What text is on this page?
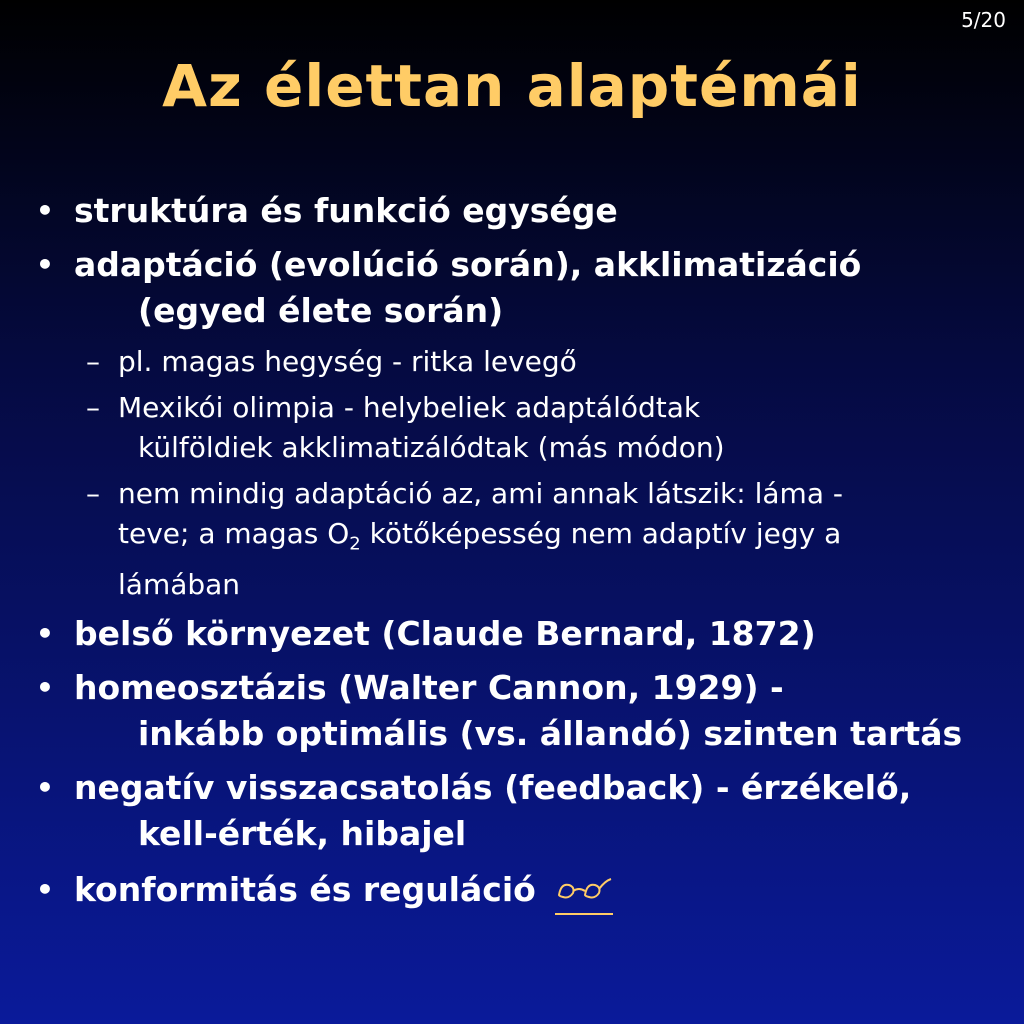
5/20
Az élettan alaptémái
• struktúra és funkció egysége
• adaptáció (evolúció során), akklimatizáció
(egyed élete során)
– pl. magas hegység - ritka levegő
– Mexikói olimpia - helybeliek adaptálódtak
külföldiek akklimatizálódtak (más módon)
– nem mindig adaptáció az, ami annak látszik: láma -
teve; a magas $O_2$ kötőképesség nem adaptív jegy a
lámában
• belső környezet (Claude Bernard, 1872)
• homeosztázis (Walter Cannon, 1929) -
inkább optimális (vs. állandó) szinten tartás
• negatív visszacsatolás (feedback) - érzékelő,
kell-érték, hibajel
• konformitás és reguláció
